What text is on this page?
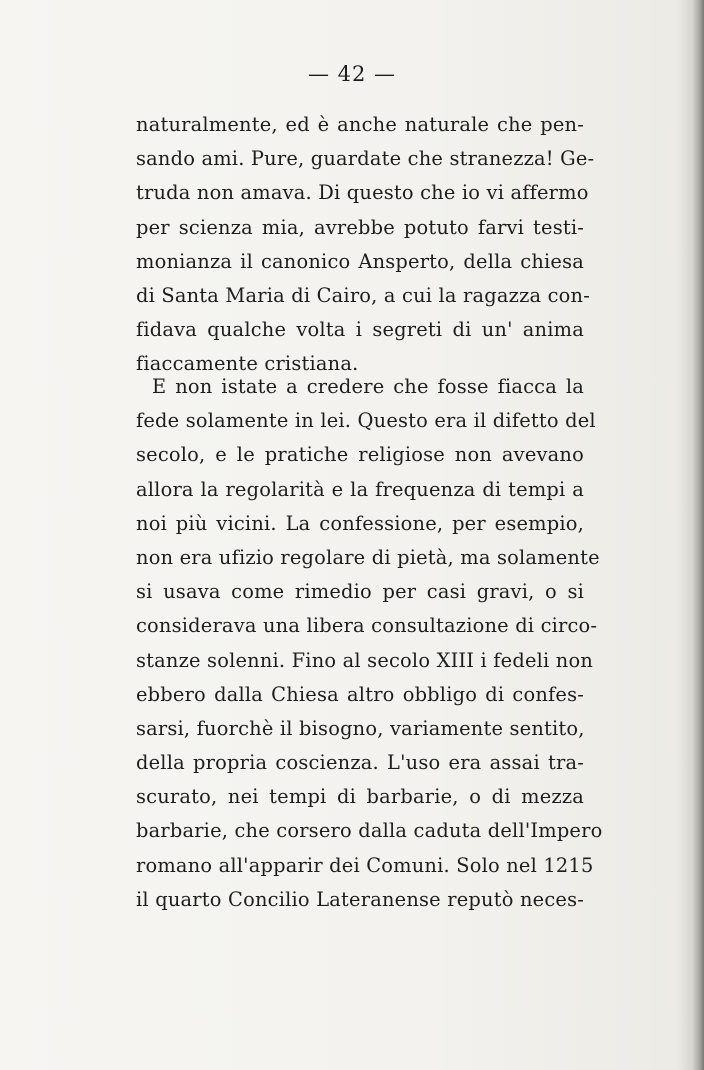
— 42 —
naturalmente, ed è anche naturale che pen-
sando ami. Pure, guardate che stranezza! Ge-
truda non amava. Di questo che io vi affermo
per scienza mia, avrebbe potuto farvi testi-
monianza il canonico Ansperto, della chiesa
di Santa Maria di Cairo, a cui la ragazza con-
fidava qualche volta i segreti di un' anima
fiaccamente cristiana.
E non istate a credere che fosse fiacca la
fede solamente in lei. Questo era il difetto del
secolo, e le pratiche religiose non avevano
allora la regolarità e la frequenza di tempi a
noi più vicini. La confessione, per esempio,
non era ufizio regolare di pietà, ma solamente
si usava come rimedio per casi gravi, o si
considerava una libera consultazione di circo-
stanze solenni. Fino al secolo XIII i fedeli non
ebbero dalla Chiesa altro obbligo di confes-
sarsi, fuorchè il bisogno, variamente sentito,
della propria coscienza. L'uso era assai tra-
scurato, nei tempi di barbarie, o di mezza
barbarie, che corsero dalla caduta dell'Impero
romano all'apparir dei Comuni. Solo nel 1215
il quarto Concilio Lateranense reputò neces-
